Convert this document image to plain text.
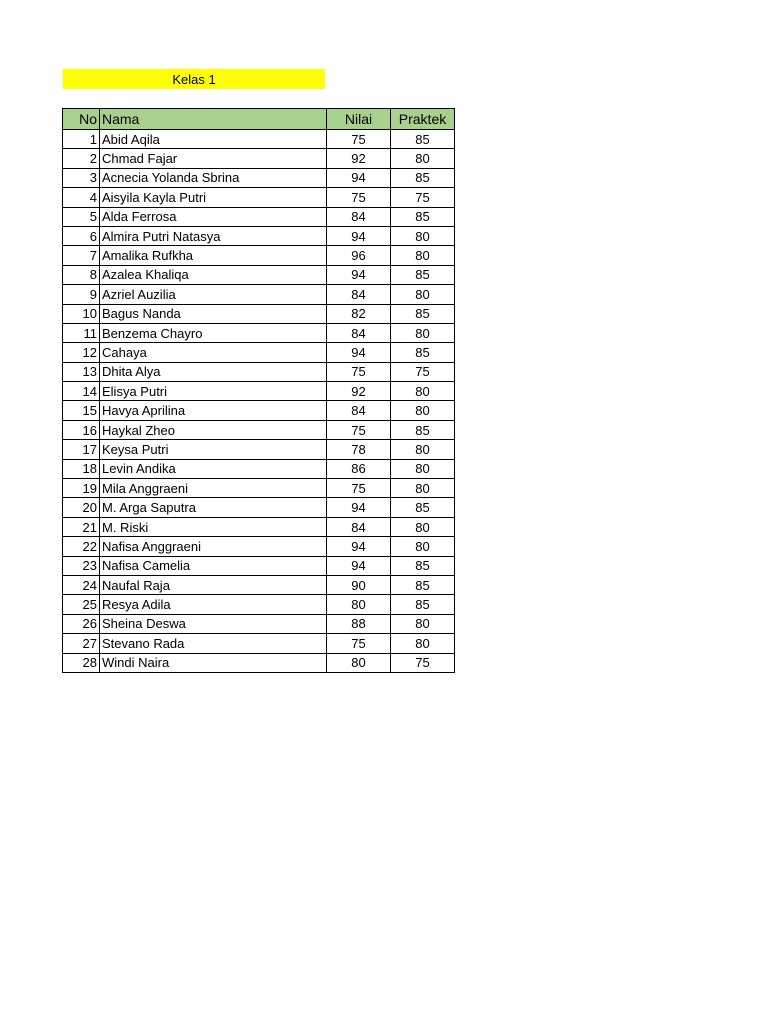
Kelas 1
No	Nama	Nilai	Praktek
1	Abid Aqila	75	85
2	Chmad Fajar	92	80
3	Acnecia Yolanda Sbrina	94	85
4	Aisyila Kayla Putri	75	75
5	Alda Ferrosa	84	85
6	Almira Putri Natasya	94	80
7	Amalika Rufkha	96	80
8	Azalea Khaliqa	94	85
9	Azriel Auzilia	84	80
10	Bagus Nanda	82	85
11	Benzema Chayro	84	80
12	Cahaya	94	85
13	Dhita Alya	75	75
14	Elisya Putri	92	80
15	Havya Aprilina	84	80
16	Haykal Zheo	75	85
17	Keysa Putri	78	80
18	Levin Andika	86	80
19	Mila Anggraeni	75	80
20	M. Arga Saputra	94	85
21	M. Riski	84	80
22	Nafisa Anggraeni	94	80
23	Nafisa Camelia	94	85
24	Naufal Raja	90	85
25	Resya Adila	80	85
26	Sheina Deswa	88	80
27	Stevano Rada	75	80
28	Windi Naira	80	75
